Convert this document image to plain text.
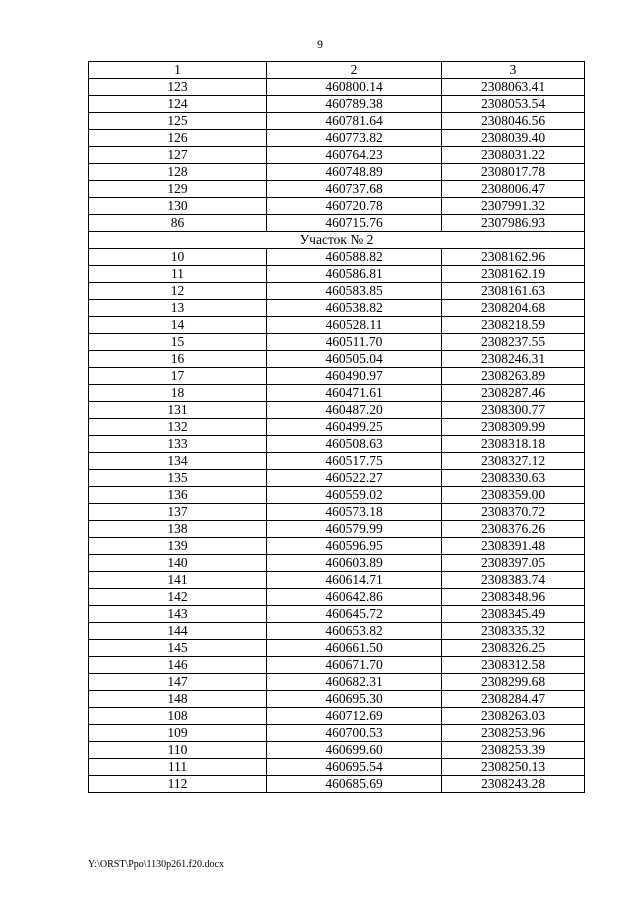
9
1	2	3
123	460800.14	2308063.41
124	460789.38	2308053.54
125	460781.64	2308046.56
126	460773.82	2308039.40
127	460764.23	2308031.22
128	460748.89	2308017.78
129	460737.68	2308006.47
130	460720.78	2307991.32
86	460715.76	2307986.93
Участок № 2		
10	460588.82	2308162.96
11	460586.81	2308162.19
12	460583.85	2308161.63
13	460538.82	2308204.68
14	460528.11	2308218.59
15	460511.70	2308237.55
16	460505.04	2308246.31
17	460490.97	2308263.89
18	460471.61	2308287.46
131	460487.20	2308300.77
132	460499.25	2308309.99
133	460508.63	2308318.18
134	460517.75	2308327.12
135	460522.27	2308330.63
136	460559.02	2308359.00
137	460573.18	2308370.72
138	460579.99	2308376.26
139	460596.95	2308391.48
140	460603.89	2308397.05
141	460614.71	2308383.74
142	460642.86	2308348.96
143	460645.72	2308345.49
144	460653.82	2308335.32
145	460661.50	2308326.25
146	460671.70	2308312.58
147	460682.31	2308299.68
148	460695.30	2308284.47
108	460712.69	2308263.03
109	460700.53	2308253.96
110	460699.60	2308253.39
111	460695.54	2308250.13
112	460685.69	2308243.28
Y:\ORST\Ppo\1130p261.f20.docx
